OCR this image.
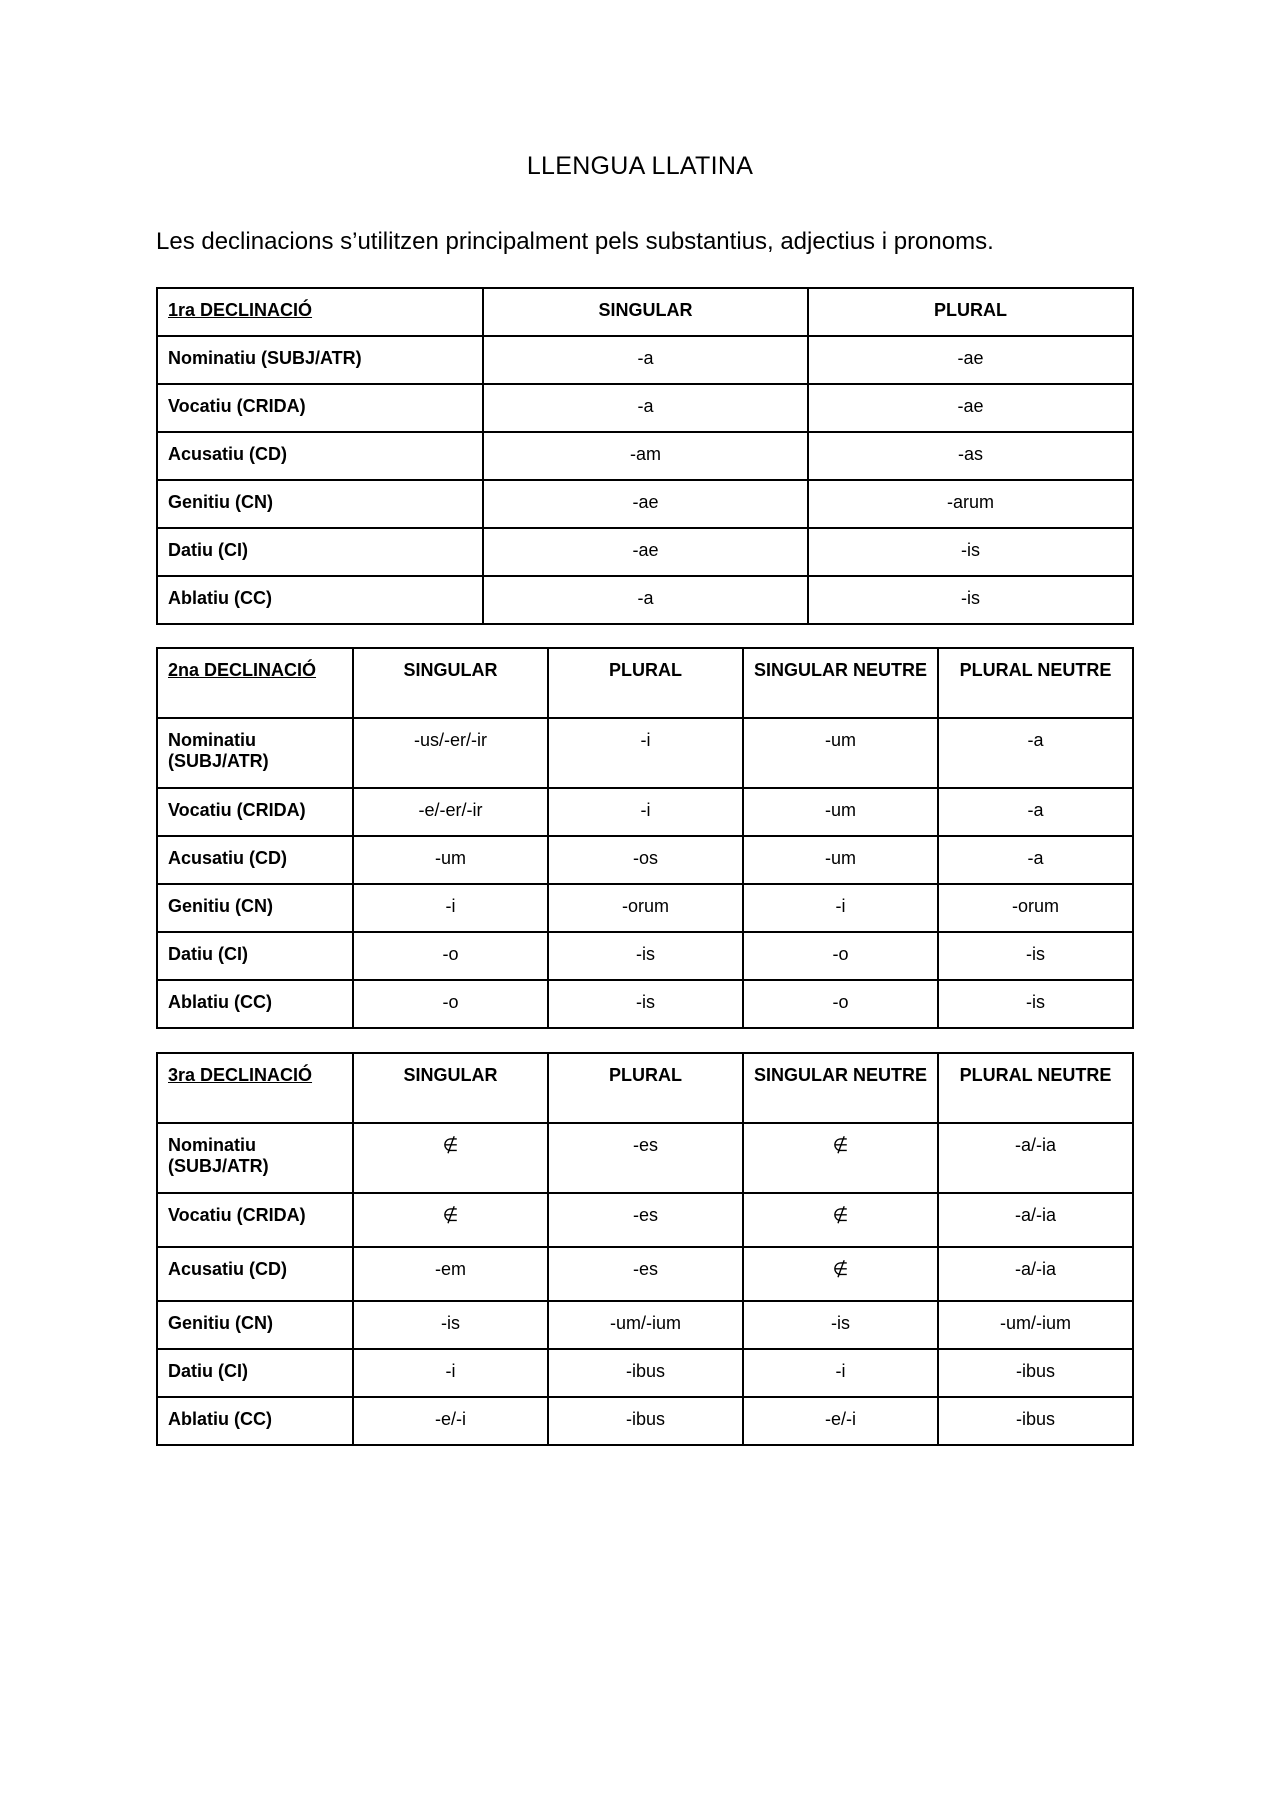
LLENGUA LLATINA
Les declinacions s’utilitzen principalment pels substantius, adjectius i pronoms.
1ra DECLINACIÓ	SINGULAR	PLURAL
Nominatiu (SUBJ/ATR)	-a	-ae
Vocatiu (CRIDA)	-a	-ae
Acusatiu (CD)	-am	-as
Genitiu (CN)	-ae	-arum
Datiu (CI)	-ae	-is
Ablatiu (CC)	-a	-is
2na DECLINACIÓ	SINGULAR	PLURAL	SINGULAR NEUTRE	PLURAL NEUTRE
Nominatiu (SUBJ/ATR)	-us/-er/-ir	-i	-um	-a
Vocatiu (CRIDA)	-e/-er/-ir	-i	-um	-a
Acusatiu (CD)	-um	-os	-um	-a
Genitiu (CN)	-i	-orum	-i	-orum
Datiu (CI)	-o	-is	-o	-is
Ablatiu (CC)	-o	-is	-o	-is
3ra DECLINACIÓ	SINGULAR	PLURAL	SINGULAR NEUTRE	PLURAL NEUTRE
Nominatiu (SUBJ/ATR)	∉	-es	∉	-a/-ia
Vocatiu (CRIDA)	∉	-es	∉	-a/-ia
Acusatiu (CD)	-em	-es	∉	-a/-ia
Genitiu (CN)	-is	-um/-ium	-is	-um/-ium
Datiu (CI)	-i	-ibus	-i	-ibus
Ablatiu (CC)	-e/-i	-ibus	-e/-i	-ibus
